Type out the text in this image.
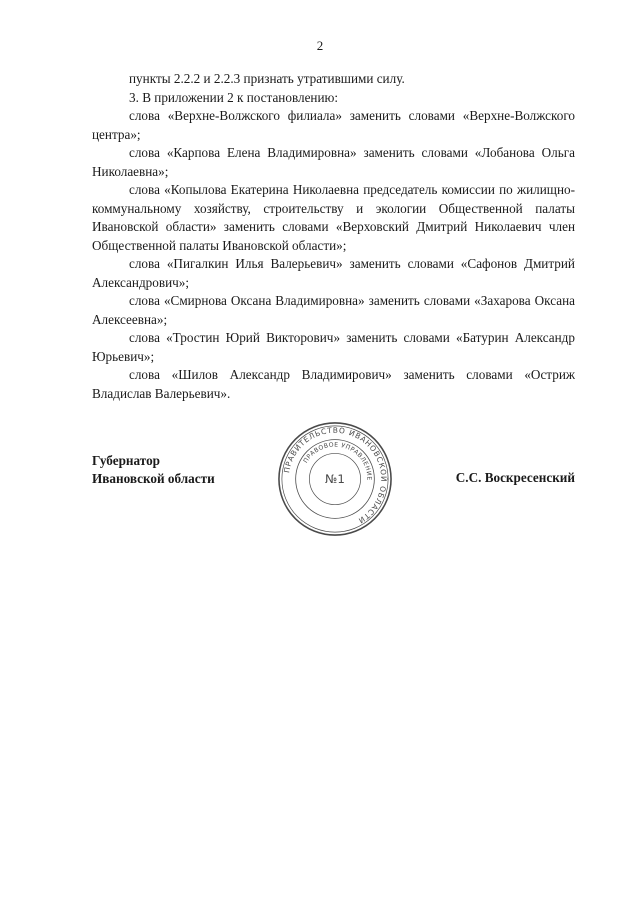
2

пункты 2.2.2 и 2.2.3 признать утратившими силу.

3. В приложении 2 к постановлению:

слова «Верхне-Волжского филиала» заменить словами «Верхне-Волжского центра»;

слова «Карпова Елена Владимировна» заменить словами «Лобанова Ольга Николаевна»;

слова «Копылова Екатерина Николаевна председатель комиссии по жилищно-коммунальному хозяйству, строительству и экологии Общественной палаты Ивановской области» заменить словами «Верховский Дмитрий Николаевич член Общественной палаты Ивановской области»;

слова «Пигалкин Илья Валерьевич» заменить словами «Сафонов Дмитрий Александрович»;

слова «Смирнова Оксана Владимировна» заменить словами «Захарова Оксана Алексеевна»;

слова «Тростин Юрий Викторович» заменить словами «Батурин Александр Юрьевич»;

слова «Шилов Александр Владимирович» заменить словами «Остриж Владислав Валерьевич».

Губернатор
Ивановской области
ПРАВИТЕЛЬСТВО ИВАНОВСКОЙ ОБЛАСТИ
ПРАВОВОЕ УПРАВЛЕНИЕ
№1	С.С. Воскресенский
